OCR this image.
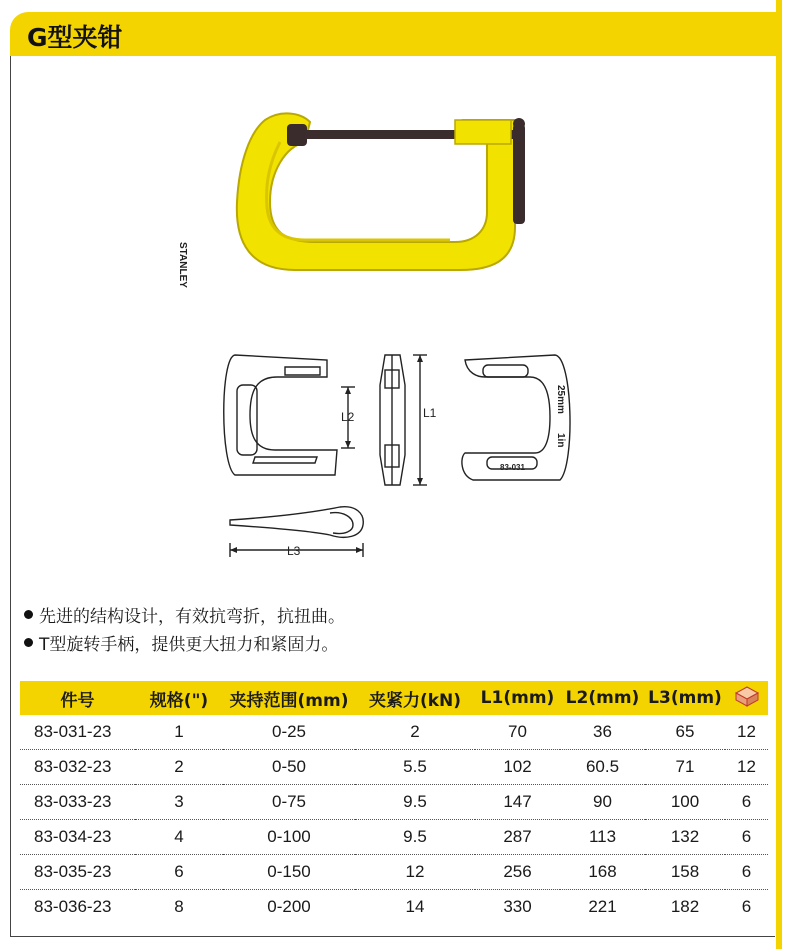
G型夹钳
L2	L1
L3
STANLEY
25mm
1in
83-031
先进的结构设计，有效抗弯折，抗扭曲。
T型旋转手柄，提供更大扭力和紧固力。
件号	规格(")	夹持范围(mm)	夹紧力(kN)	L1(mm)	L2(mm)	L3(mm)	
83-031-23	1	0-25	2	70	36	65	12
83-032-23	2	0-50	5.5	102	60.5	71	12
83-033-23	3	0-75	9.5	147	90	100	6
83-034-23	4	0-100	9.5	287	113	132	6
83-035-23	6	0-150	12	256	168	158	6
83-036-23	8	0-200	14	330	221	182	6
